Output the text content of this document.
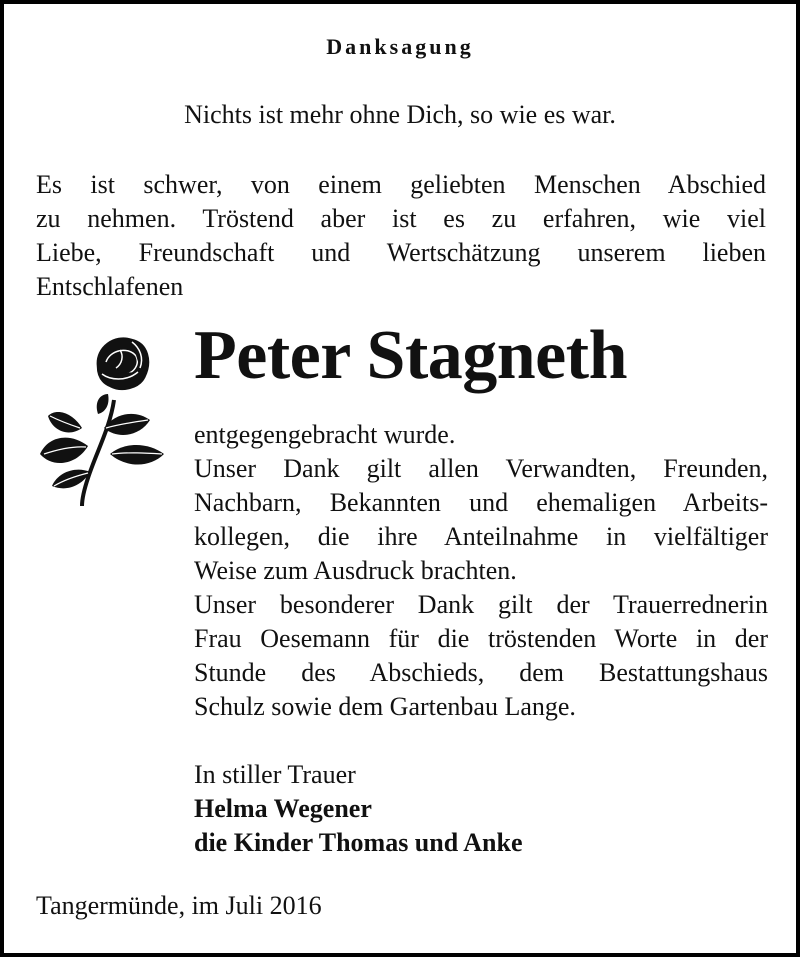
Danksagung
Nichts ist mehr ohne Dich, so wie es war.
Es ist schwer, von einem geliebten Menschen Abschied
zu nehmen. Tröstend aber ist es zu erfahren, wie viel
Liebe, Freundschaft und Wertschätzung unserem lieben
Entschlafenen
Peter Stagneth

entgegengebracht wurde.

Unser Dank gilt allen Verwandten, Freunden,

Nachbarn, Bekannten und ehemaligen Arbeits-

kollegen, die ihre Anteilnahme in vielfältiger

Weise zum Ausdruck brachten.

Unser besonderer Dank gilt der Trauerrednerin

Frau Oesemann für die tröstenden Worte in der

Stunde des Abschieds, dem Bestattungshaus

Schulz sowie dem Gartenbau Lange.

In stiller Trauer
Helma Wegener
die Kinder Thomas und Anke
Tangermünde, im Juli 2016
